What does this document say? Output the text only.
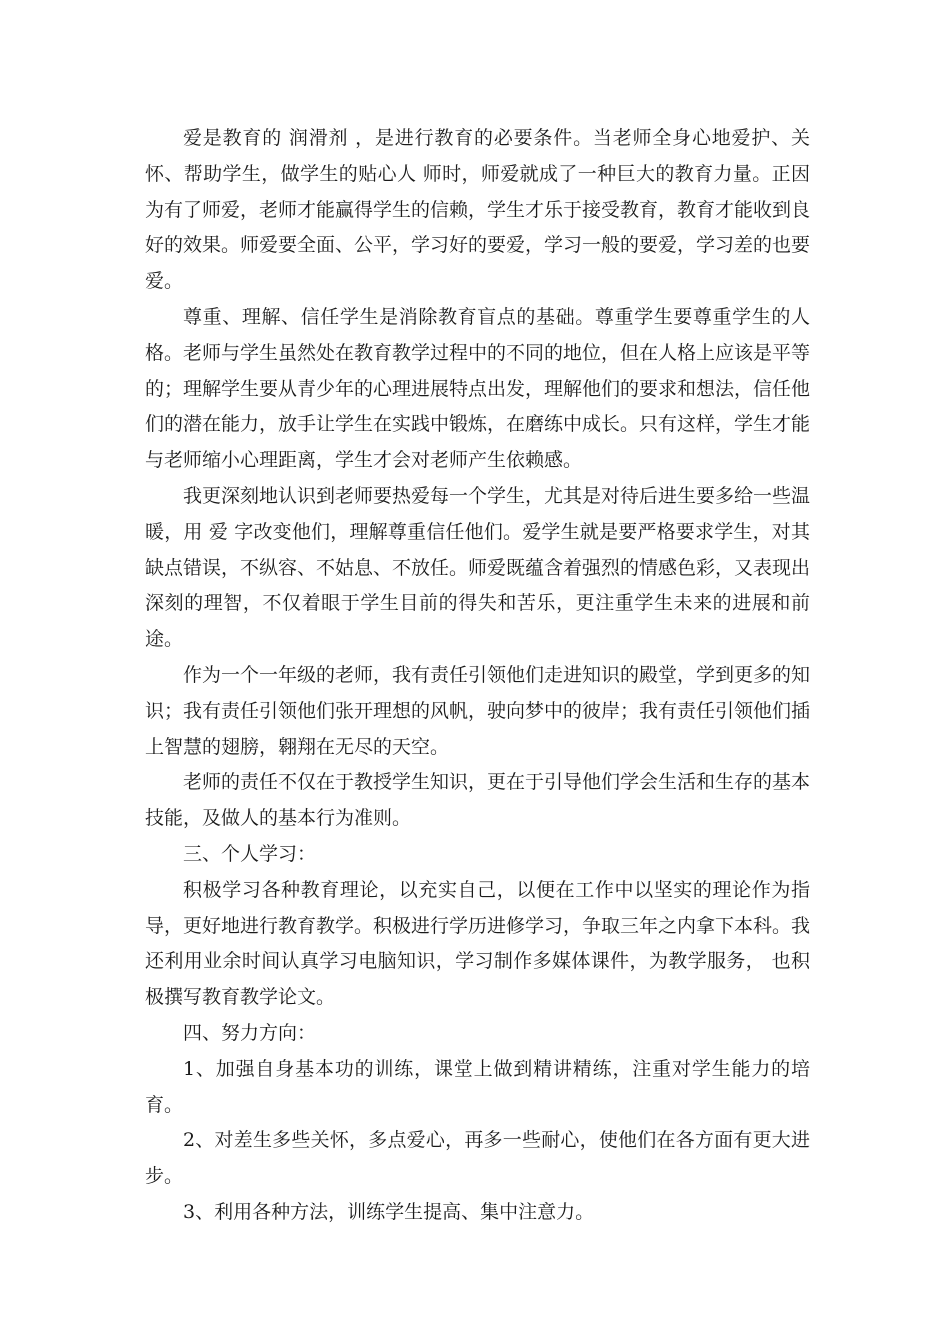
爱是教育的 润滑剂 ，是进行教育的必要条件。当老师全身心地爱护、关怀、帮助学生，做学生的贴心人 师时，师爱就成了一种巨大的教育力量。正因为有了师爱，老师才能赢得学生的信赖，学生才乐于接受教育，教育才能收到良好的效果。师爱要全面、公平，学习好的要爱，学习一般的要爱，学习差的也要爱。

尊重、理解、信任学生是消除教育盲点的基础。尊重学生要尊重学生的人格。老师与学生虽然处在教育教学过程中的不同的地位，但在人格上应该是平等的；理解学生要从青少年的心理进展特点出发，理解他们的要求和想法，信任他们的潜在能力，放手让学生在实践中锻炼，在磨练中成长。只有这样，学生才能与老师缩小心理距离，学生才会对老师产生依赖感。

我更深刻地认识到老师要热爱每一个学生，尤其是对待后进生要多给一些温暖，用 爱 字改变他们，理解尊重信任他们。爱学生就是要严格要求学生，对其缺点错误，不纵容、不姑息、不放任。师爱既蕴含着强烈的情感色彩，又表现出深刻的理智，不仅着眼于学生目前的得失和苦乐，更注重学生未来的进展和前途。

作为一个一年级的老师，我有责任引领他们走进知识的殿堂，学到更多的知识；我有责任引领他们张开理想的风帆，驶向梦中的彼岸；我有责任引领他们插上智慧的翅膀，翱翔在无尽的天空。

老师的责任不仅在于教授学生知识，更在于引导他们学会生活和生存的基本技能，及做人的基本行为准则。

三、个人学习：

积极学习各种教育理论，以充实自己，以便在工作中以坚实的理论作为指导，更好地进行教育教学。积极进行学历进修学习，争取三年之内拿下本科。我还利用业余时间认真学习电脑知识，学习制作多媒体课件，为教学服务， 也积极撰写教育教学论文。

四、努力方向：

1、加强自身基本功的训练，课堂上做到精讲精练，注重对学生能力的培育。

2、对差生多些关怀，多点爱心，再多一些耐心，使他们在各方面有更大进步。

3、利用各种方法，训练学生提高、集中注意力。
